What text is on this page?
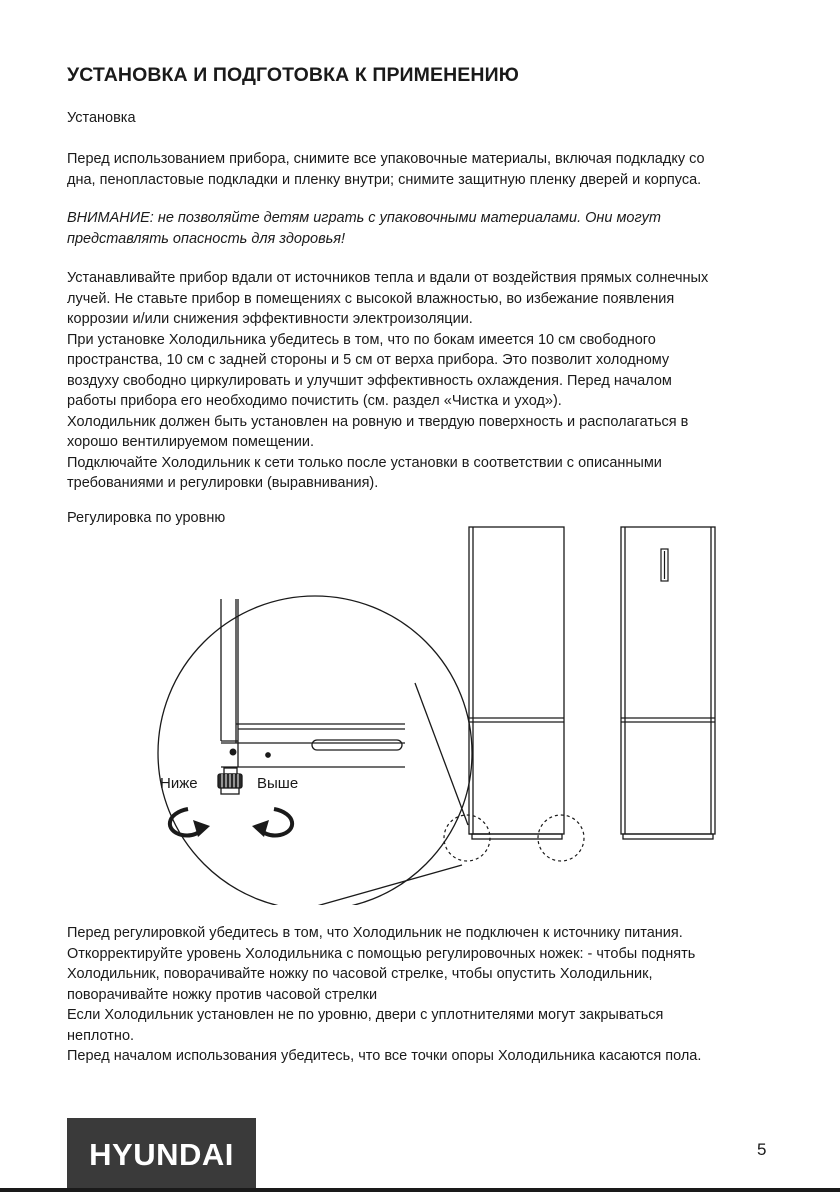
УСТАНОВКА И ПОДГОТОВКА К ПРИМЕНЕНИЮ
Установка

Перед использованием прибора, снимите все упаковочные материалы, включая подкладку со
дна, пенопластовые подкладки и пленку внутри; снимите защитную пленку дверей и корпуса.

ВНИМАНИЕ: не позволяйте детям играть с упаковочными материалами. Они могут
представлять опасность для здоровья!

Устанавливайте прибор вдали от источников тепла и вдали от воздействия прямых солнечных
лучей. Не ставьте прибор в помещениях с высокой влажностью, во избежание появления
коррозии и/или снижения эффективности электроизоляции.
При установке Холодильника убедитесь в том, что по бокам имеется 10 см свободного
пространства, 10 см с задней стороны и 5 см от верха прибора. Это позволит холодному
воздуху свободно циркулировать и улучшит эффективность охлаждения. Перед началом
работы прибора его необходимо почистить (см. раздел «Чистка и уход»).
Холодильник должен быть установлен на ровную и твердую поверхность и располагаться в
хорошо вентилируемом помещении.
Подключайте Холодильник к сети только после установки в соответствии с описанными
требованиями и регулировки (выравнивания).

Регулировка по уровню
Ниже	Выше

Перед регулировкой убедитесь в том, что Холодильник не подключен к источнику питания.
Откорректируйте уровень Холодильника с помощью регулировочных ножек: - чтобы поднять
Холодильник, поворачивайте ножку по часовой стрелке, чтобы опустить Холодильник,
поворачивайте ножку против часовой стрелки
Если Холодильник установлен не по уровню, двери с уплотнителями могут закрываться
неплотно.
Перед началом использования убедитесь, что все точки опоры Холодильника касаются пола.

HYUNDAI	5
